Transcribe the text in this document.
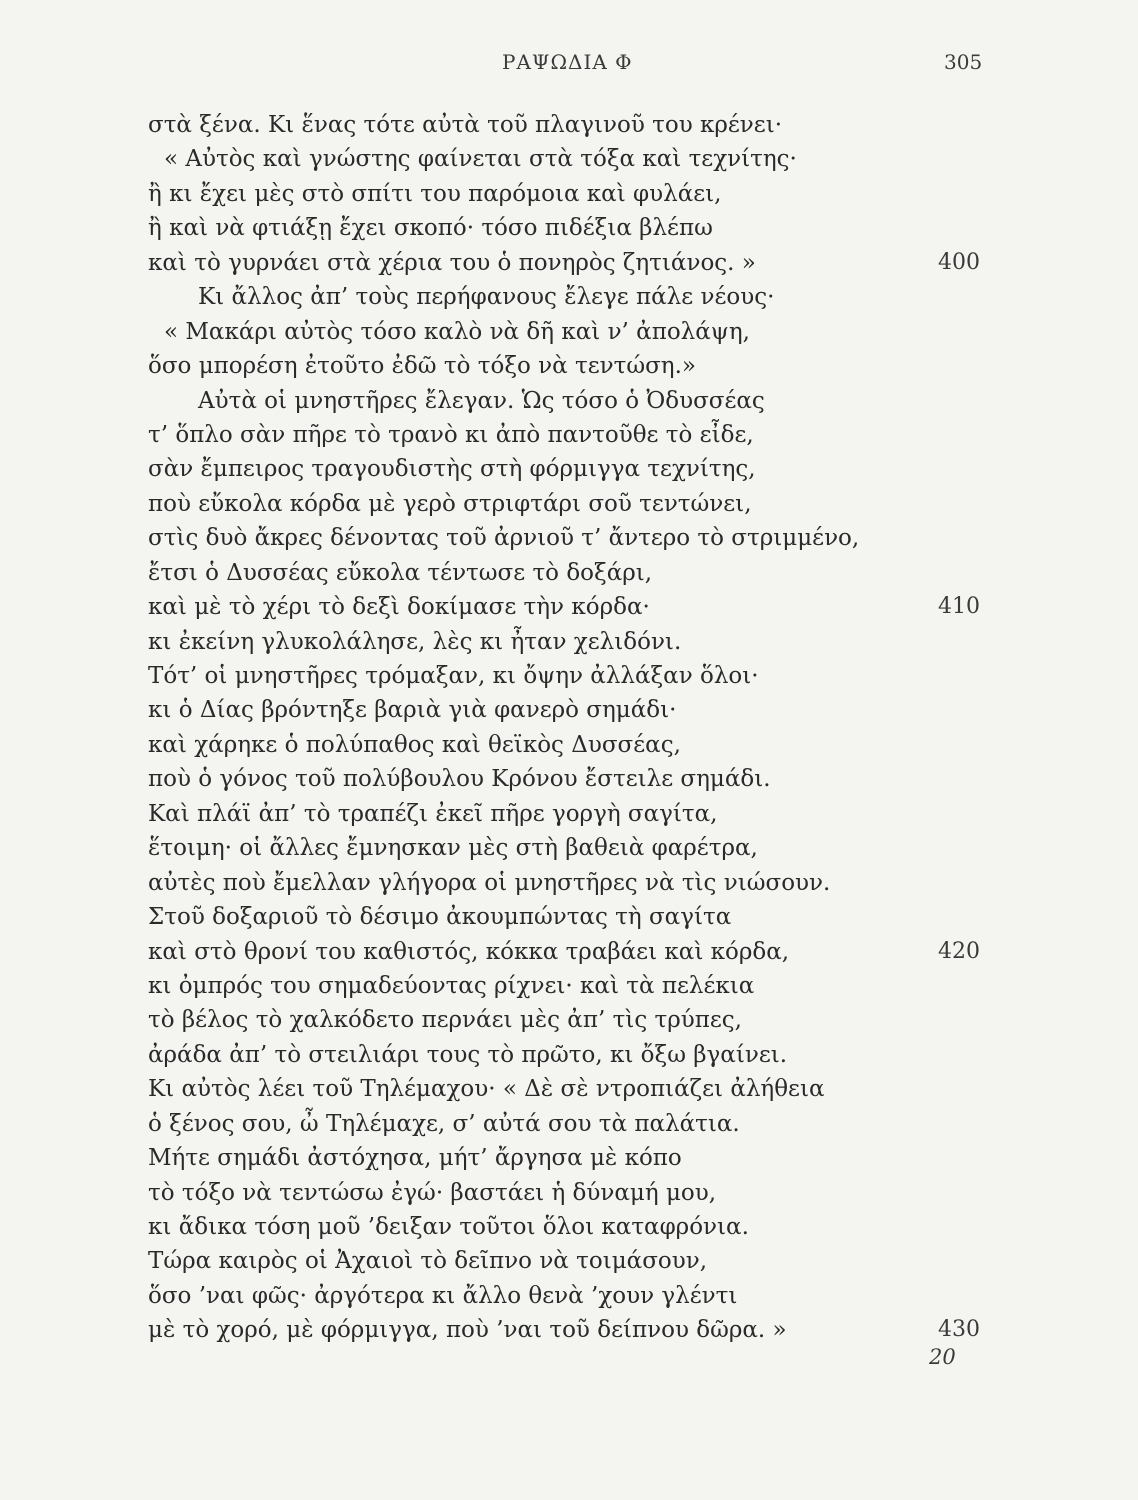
ΡΑΨΩΔΙΑ Φ	305
στὰ ξένα. Κι ἕνας τότε αὐτὰ τοῦ πλαγινοῦ του κρένει·
« Αὐτὸς καὶ γνώστης φαίνεται στὰ τόξα καὶ τεχνίτης·
ἢ κι ἔχει μὲς στὸ σπίτι του παρόμοια καὶ φυλάει,
ἢ καὶ νὰ φτιάξῃ ἔχει σκοπό· τόσο πιδέξια βλέπω
καὶ τὸ γυρνάει στὰ χέρια του ὁ πονηρὸς ζητιάνος. »	400
Κι ἄλλος ἀπ’ τοὺς περήφανους ἔλεγε πάλε νέους·
« Μακάρι αὐτὸς τόσο καλὸ νὰ δῆ καὶ ν’ ἀπολάψη,
ὅσο μπορέση ἐτοῦτο ἐδῶ τὸ τόξο νὰ τεντώση.»
Αὐτὰ οἱ μνηστῆρες ἔλεγαν. Ὡς τόσο ὁ Ὀδυσσέας
τ’ ὅπλο σὰν πῆρε τὸ τρανὸ κι ἀπὸ παντοῦθε τὸ εἶδε,
σὰν ἔμπειρος τραγουδιστὴς στὴ φόρμιγγα τεχνίτης,
ποὺ εὔκολα κόρδα μὲ γερὸ στριφτάρι σοῦ τεντώνει,
στὶς δυὸ ἄκρες δένοντας τοῦ ἀρνιοῦ τ’ ἄντερο τὸ στριμμένο,
ἔτσι ὁ Δυσσέας εὔκολα τέντωσε τὸ δοξάρι,
καὶ μὲ τὸ χέρι τὸ δεξὶ δοκίμασε τὴν κόρδα·	410
κι ἐκείνη γλυκολάλησε, λὲς κι ἦταν χελιδόνι.
Τότ’ οἱ μνηστῆρες τρόμαξαν, κι ὄψην ἀλλάξαν ὅλοι·
κι ὁ Δίας βρόντηξε βαριὰ γιὰ φανερὸ σημάδι·
καὶ χάρηκε ὁ πολύπαθος καὶ θεϊκὸς Δυσσέας,
ποὺ ὁ γόνος τοῦ πολύβουλου Κρόνου ἔστειλε σημάδι.
Καὶ πλάϊ ἀπ’ τὸ τραπέζι ἐκεῖ πῆρε γοργὴ σαγίτα,
ἕτοιμη· οἱ ἄλλες ἔμνησκαν μὲς στὴ βαθειὰ φαρέτρα,
αὐτὲς ποὺ ἔμελλαν γλήγορα οἱ μνηστῆρες νὰ τὶς νιώσουν.
Στοῦ δοξαριοῦ τὸ δέσιμο ἀκουμπώντας τὴ σαγίτα
καὶ στὸ θρονί του καθιστός, κόκκα τραβάει καὶ κόρδα,	420
κι ὀμπρός του σημαδεύοντας ρίχνει· καὶ τὰ πελέκια
τὸ βέλος τὸ χαλκόδετο περνάει μὲς ἀπ’ τὶς τρύπες,
ἀράδα ἀπ’ τὸ στειλιάρι τους τὸ πρῶτο, κι ὄξω βγαίνει.
Κι αὐτὸς λέει τοῦ Τηλέμαχου· « Δὲ σὲ ντροπιάζει ἀλήθεια
ὁ ξένος σου, ὦ Τηλέμαχε, σ’ αὐτά σου τὰ παλάτια.
Μήτε σημάδι ἀστόχησα, μήτ’ ἄργησα μὲ κόπο
τὸ τόξο νὰ τεντώσω ἐγώ· βαστάει ἡ δύναμή μου,
κι ἄδικα τόση μοῦ ’δειξαν τοῦτοι ὅλοι καταφρόνια.
Τώρα καιρὸς οἱ Ἀχαιοὶ τὸ δεῖπνο νὰ τοιμάσουν,
ὅσο ’ναι φῶς· ἀργότερα κι ἄλλο θενὰ ’χουν γλέντι
μὲ τὸ χορό, μὲ φόρμιγγα, ποὺ ’ναι τοῦ δείπνου δῶρα. »	430
20
